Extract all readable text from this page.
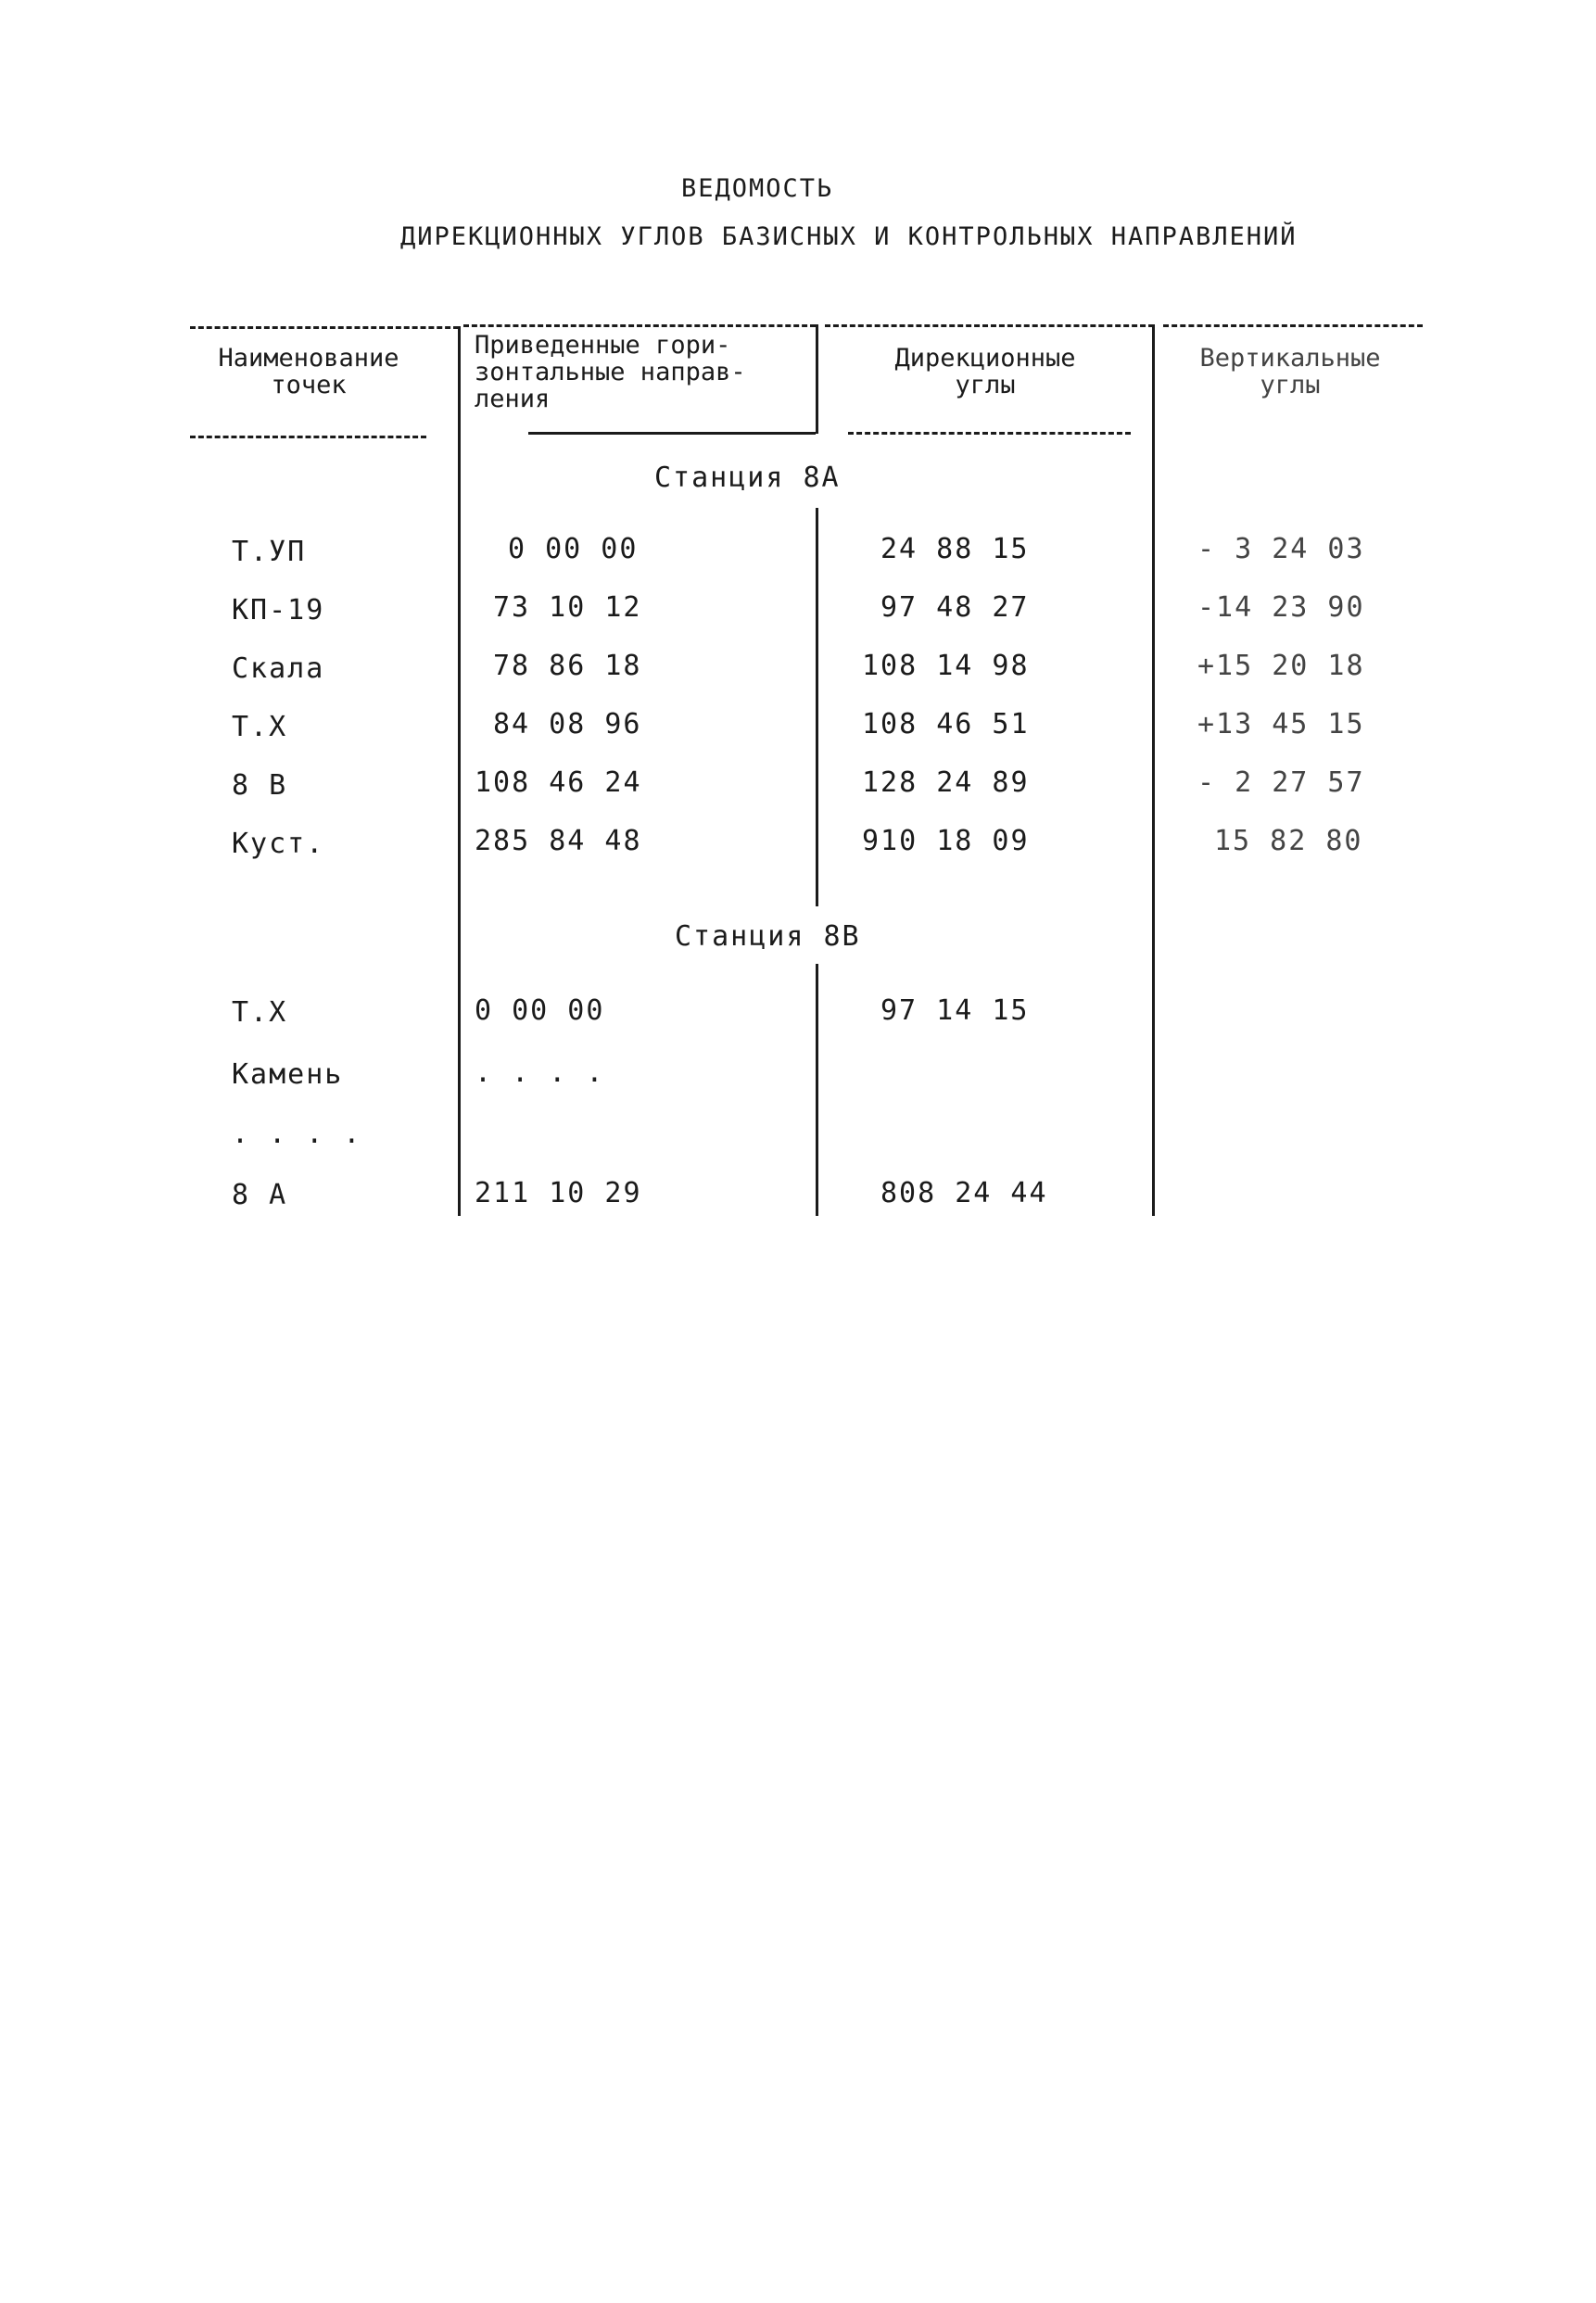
ВЕДОМОСТЬ
ДИРЕКЦИОННЫХ УГЛОВ БАЗИСНЫХ И КОНТРОЛЬНЫХ НАПРАВЛЕНИЙ
Наименование
точек
Приведенные гори-
зонтальные направ-
ления
Дирекционные
углы
Вертикальные
углы
Станция 8А
Т.УП	0 00 00	24 88 15	- 3 24 03
КП-19	73 10 12	97 48 27	-14 23 90
Скала	78 86 18	108 14 98	+15 20 18
Т.Х	84 08 96	108 46 51	+13 45 15
8 В	108 46 24	128 24 89	- 2 27 57
Куст.	285 84 48	910 18 09	15 82 80
Станция 8В
Т.Х	0 00 00	97 14 15
Камень	. . . .
. . . .
8 А	211 10 29	808 24 44
